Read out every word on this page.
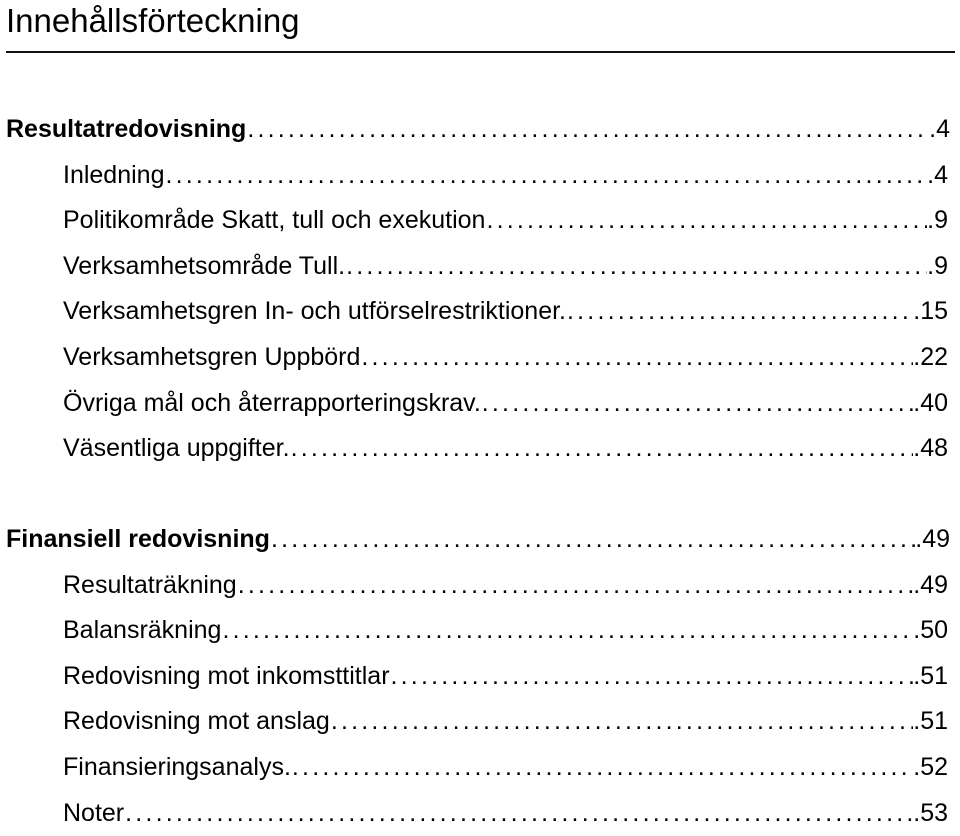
Innehållsförteckning
Resultatredovisning .....	. 4
Inledning .....	. 4
Politikområde Skatt, tull och exekution .....	. 9
Verksamhetsområde Tull. .....	. 9
Verksamhetsgren In- och utförselrestriktioner. .....	. 15
Verksamhetsgren Uppbörd .....	. 22
Övriga mål och återrapporteringskrav. .....	. 40
Väsentliga uppgifter. .....	. 48
Finansiell redovisning .....	. 49
Resultaträkning .....	. 49
Balansräkning .....	. 50
Redovisning mot inkomsttitlar .....	. 51
Redovisning mot anslag .....	. 51
Finansieringsanalys. .....	. 52
Noter .....	. 53
